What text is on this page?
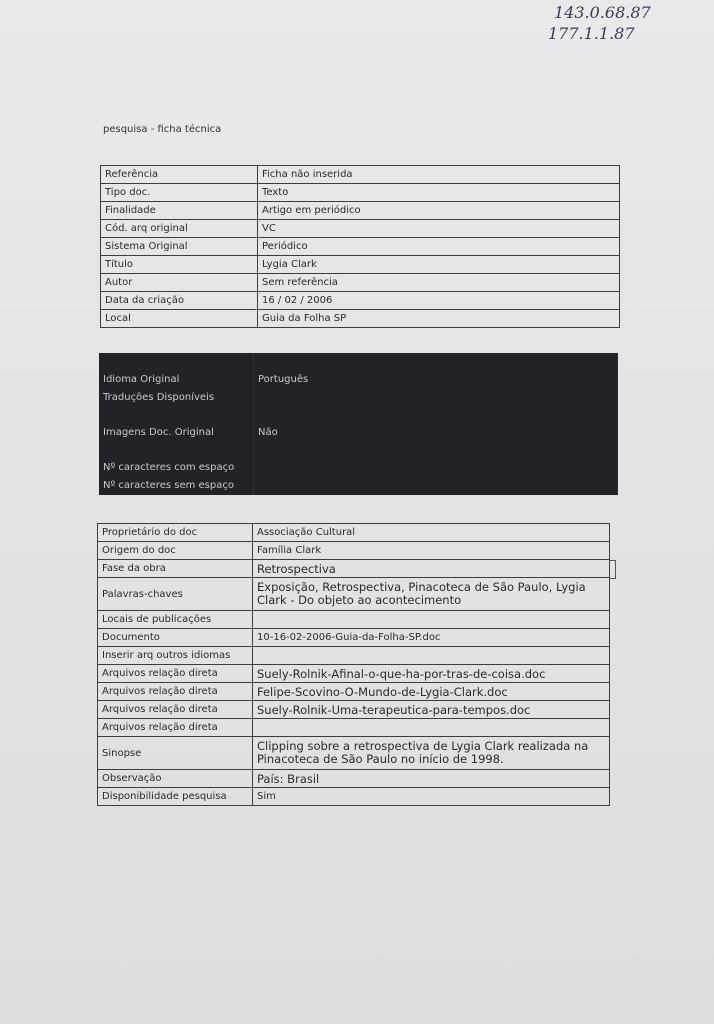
143.0.68.87
177.1.1.87
pesquisa - ficha técnica
Referência	Ficha não inserida
Tipo doc.	Texto
Finalidade	Artigo em periódico
Cód. arq original	VC
Sistema Original	Periódico
Título	Lygia Clark
Autor	Sem referência
Data da criação	16 / 02 / 2006
Local	Guia da Folha SP

Idioma Original	Português
Traduções Disponíveis	

Imagens Doc. Original	Não

Nº caracteres com espaço	
Nº caracteres sem espaço	
Proprietário do doc	Associação Cultural
Origem do doc	Família Clark
Fase da obra	Retrospectiva
Palavras-chaves	Exposição, Retrospectiva, Pinacoteca de São Paulo, Lygia Clark - Do objeto ao acontecimento
Locais de publicações	
Documento	10-16-02-2006-Guia-da-Folha-SP.doc
Inserir arq outros idiomas	
Arquivos relação direta	Suely-Rolnik-Afinal-o-que-ha-por-tras-de-coisa.doc
Arquivos relação direta	Felipe-Scovino-O-Mundo-de-Lygia-Clark.doc
Arquivos relação direta	Suely-Rolnik-Uma-terapeutica-para-tempos.doc
Arquivos relação direta	
Sinopse	Clipping sobre a retrospectiva de Lygia Clark realizada na Pinacoteca de São Paulo no início de 1998.
Observação	País: Brasil
Disponibilidade pesquisa	Sim
